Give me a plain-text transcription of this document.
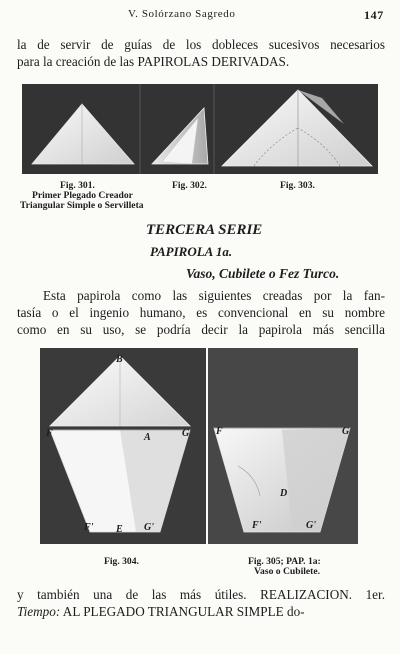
V. Solórzano Sagredo	147
la de servir de guías de los dobleces sucesivos necesarios
para la creación de las PAPIROLAS DERIVADAS.
Fig. 301.
Primer Plegado Creador
Triangular Simple o Servilleta
Fig. 302.	Fig. 303.
TERCERA SERIE
PAPIROLA 1a.
Vaso, Cubilete o Fez Turco.
Esta papirola como las siguientes creadas por la fan-
tasía o el ingenio humano, es convencional en su nombre
como en su uso, se podría decir la papirola más sencilla
B
F	A	G
F' E G'
F	G
D
F'	G'
Fig. 304.	Fig. 305; PAP. 1a:
Vaso o Cubilete.
y también una de las más útiles. REALIZACION. 1er.
Tiempo: AL PLEGADO TRIANGULAR SIMPLE do-
